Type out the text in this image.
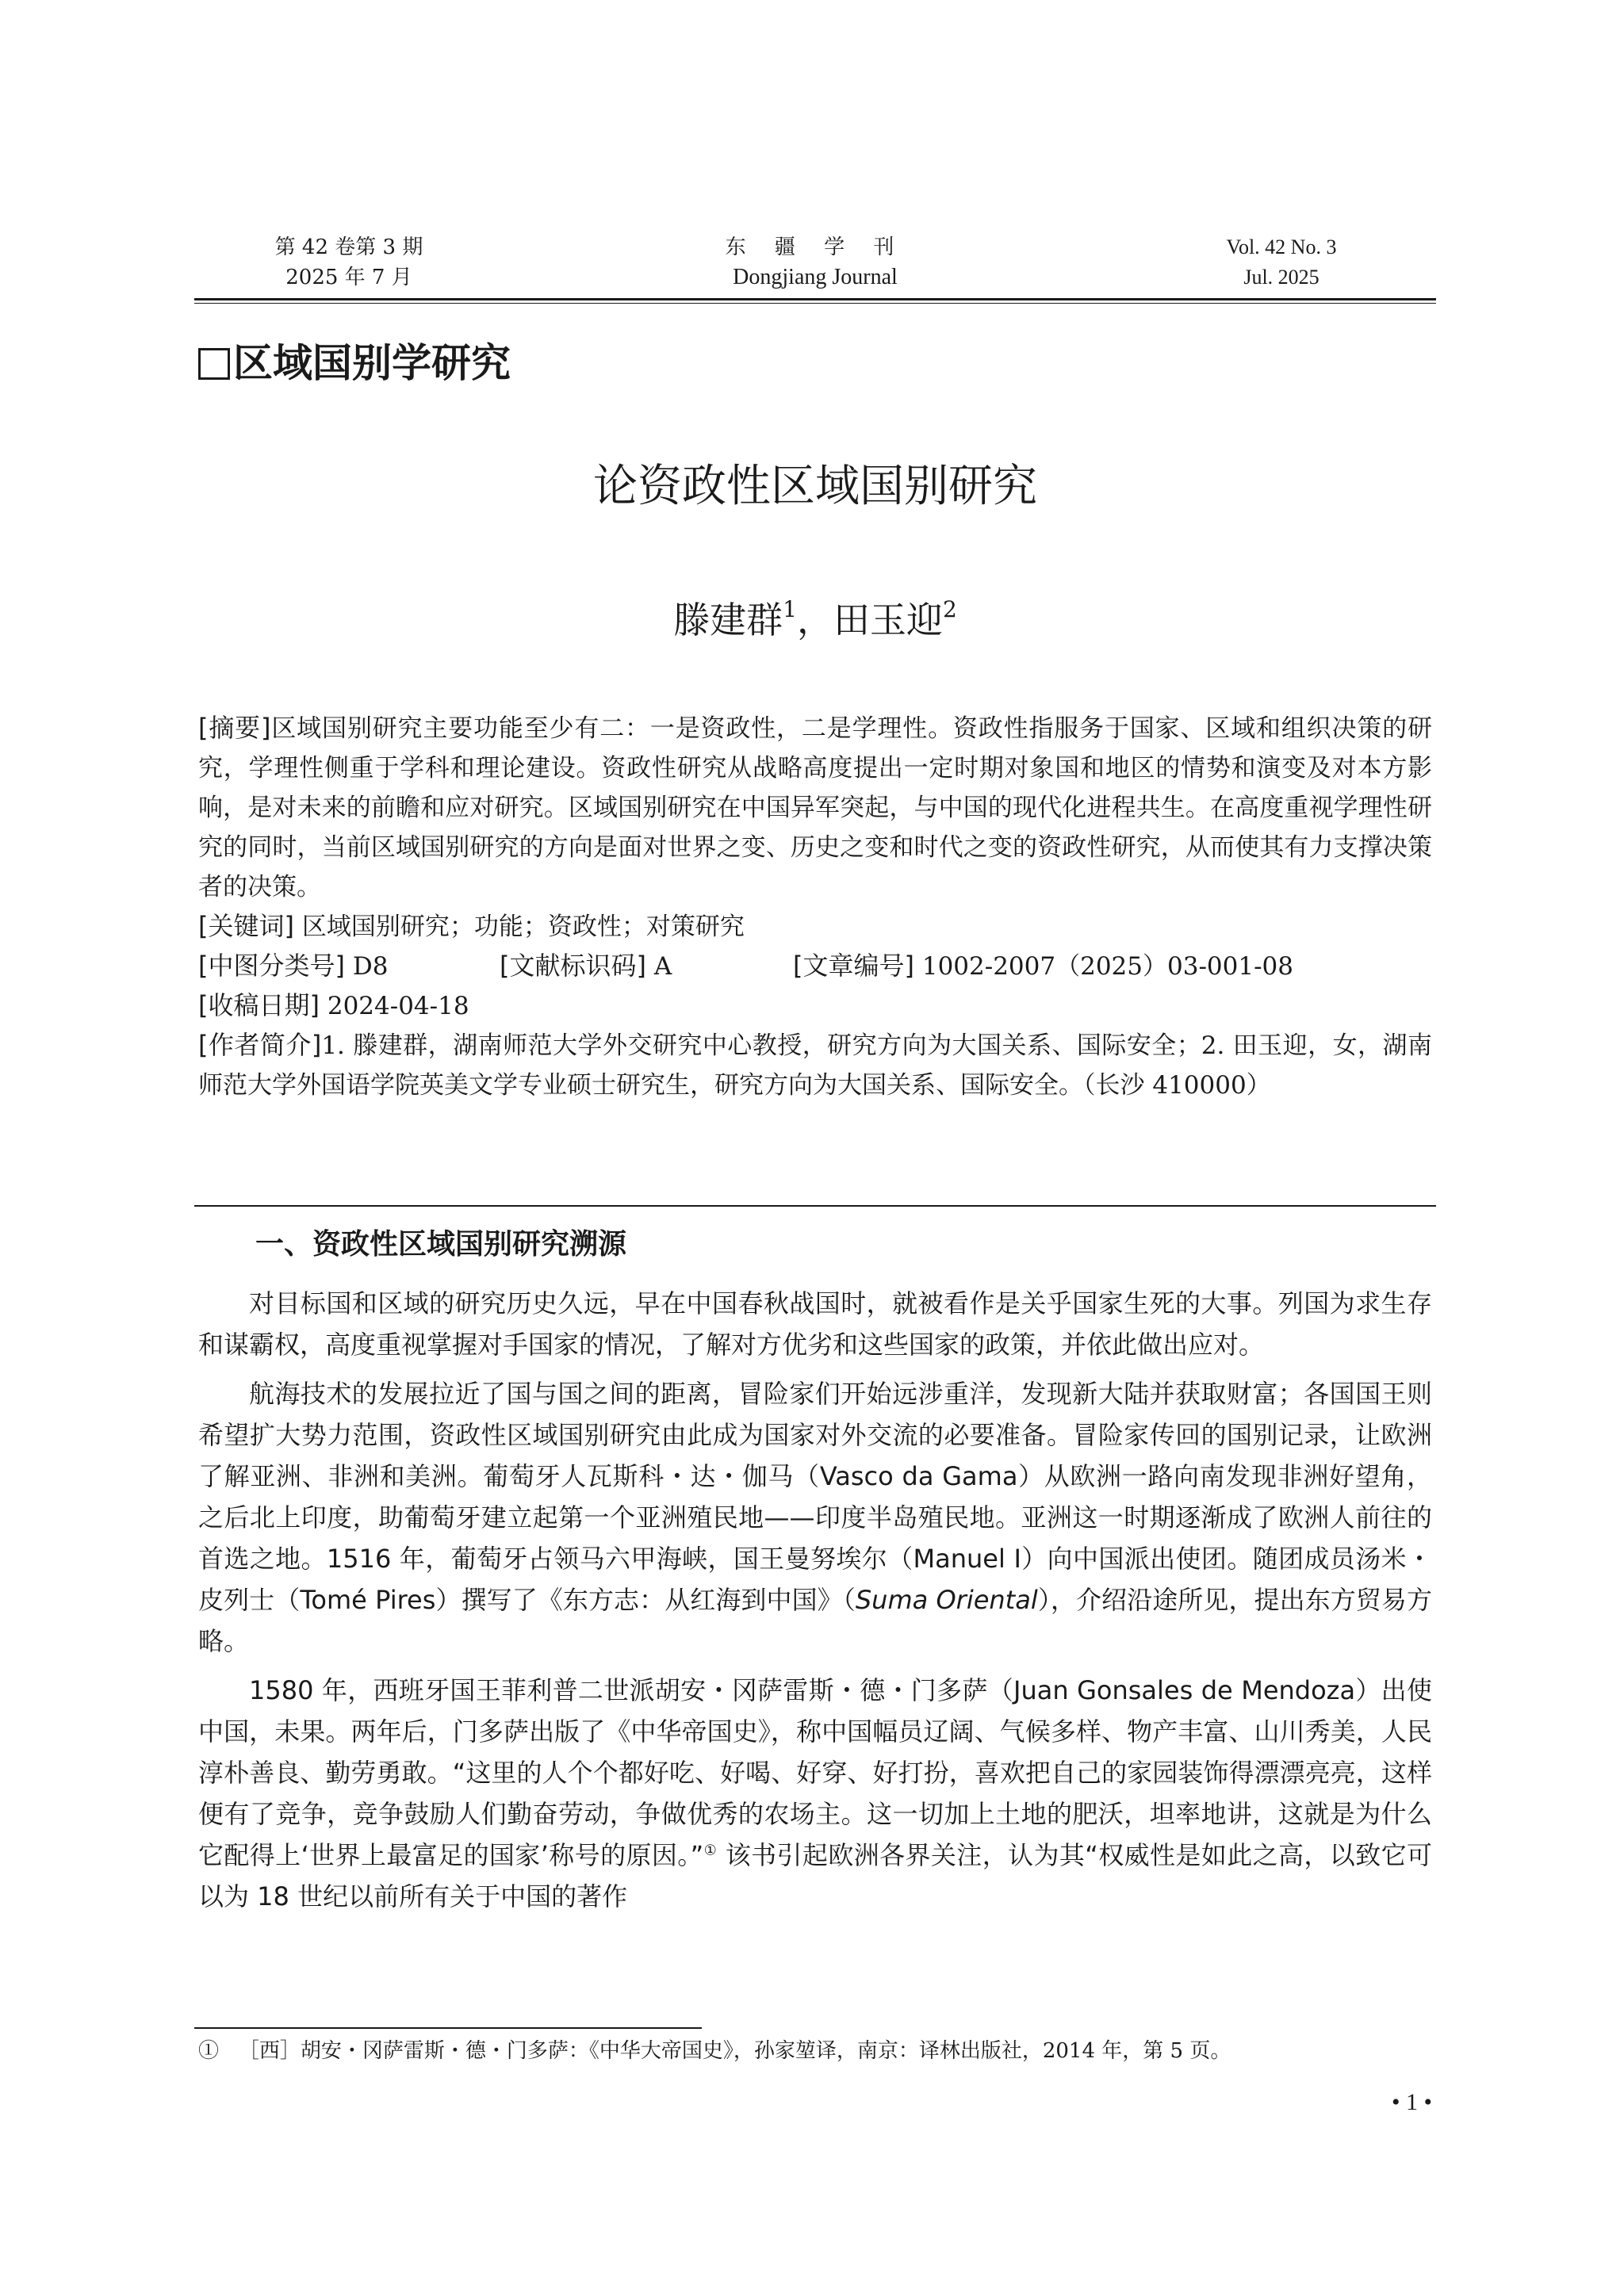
第 42 卷第 3 期
2025 年 7 月
东 疆 学 刊
Dongjiang Journal
Vol. 42 No. 3
Jul. 2025
区域国别学研究
论资政性区域国别研究
滕建群$^1$，田玉迎$^2$
[摘要]区域国别研究主要功能至少有二：一是资政性，二是学理性。资政性指服务于国家、区域和组织决策的研究，学理性侧重于学科和理论建设。资政性研究从战略高度提出一定时期对象国和地区的情势和演变及对本方影响，是对未来的前瞻和应对研究。区域国别研究在中国异军突起，与中国的现代化进程共生。在高度重视学理性研究的同时，当前区域国别研究的方向是面对世界之变、历史之变和时代之变的资政性研究，从而使其有力支撑决策者的决策。
[关键词] 区域国别研究；功能；资政性；对策研究
[中图分类号] D8	[文献标识码] A	[文章编号] 1002-2007（2025）03-001-08
[收稿日期] 2024-04-18
[作者简介]1. 滕建群，湖南师范大学外交研究中心教授，研究方向为大国关系、国际安全；2. 田玉迎，女，湖南师范大学外国语学院英美文学专业硕士研究生，研究方向为大国关系、国际安全。（长沙 410000）
一、资政性区域国别研究溯源

对目标国和区域的研究历史久远，早在中国春秋战国时，就被看作是关乎国家生死的大事。列国为求生存和谋霸权，高度重视掌握对手国家的情况，了解对方优劣和这些国家的政策，并依此做出应对。

航海技术的发展拉近了国与国之间的距离，冒险家们开始远涉重洋，发现新大陆并获取财富；各国国王则希望扩大势力范围，资政性区域国别研究由此成为国家对外交流的必要准备。冒险家传回的国别记录，让欧洲了解亚洲、非洲和美洲。葡萄牙人瓦斯科・达・伽马（Vasco da Gama）从欧洲一路向南发现非洲好望角，之后北上印度，助葡萄牙建立起第一个亚洲殖民地——印度半岛殖民地。亚洲这一时期逐渐成了欧洲人前往的首选之地。1516 年，葡萄牙占领马六甲海峡，国王曼努埃尔（Manuel I）向中国派出使团。随团成员汤米・皮列士（Tomé Pires）撰写了《东方志：从红海到中国》（Suma Oriental），介绍沿途所见，提出东方贸易方略。

1580 年，西班牙国王菲利普二世派胡安・冈萨雷斯・德・门多萨（Juan Gonsales de Mendoza）出使中国，未果。两年后，门多萨出版了《中华帝国史》，称中国幅员辽阔、气候多样、物产丰富、山川秀美，人民淳朴善良、勤劳勇敢。“这里的人个个都好吃、好喝、好穿、好打扮，喜欢把自己的家园装饰得漂漂亮亮，这样便有了竞争，竞争鼓励人们勤奋劳动，争做优秀的农场主。这一切加上土地的肥沃，坦率地讲，这就是为什么它配得上‘世界上最富足的国家’称号的原因。”① 该书引起欧洲各界关注，认为其“权威性是如此之高，以致它可以为 18 世纪以前所有关于中国的著作

① ［西］胡安・冈萨雷斯・德・门多萨：《中华大帝国史》，孙家堃译，南京：译林出版社，2014 年，第 5 页。
• 1 •
